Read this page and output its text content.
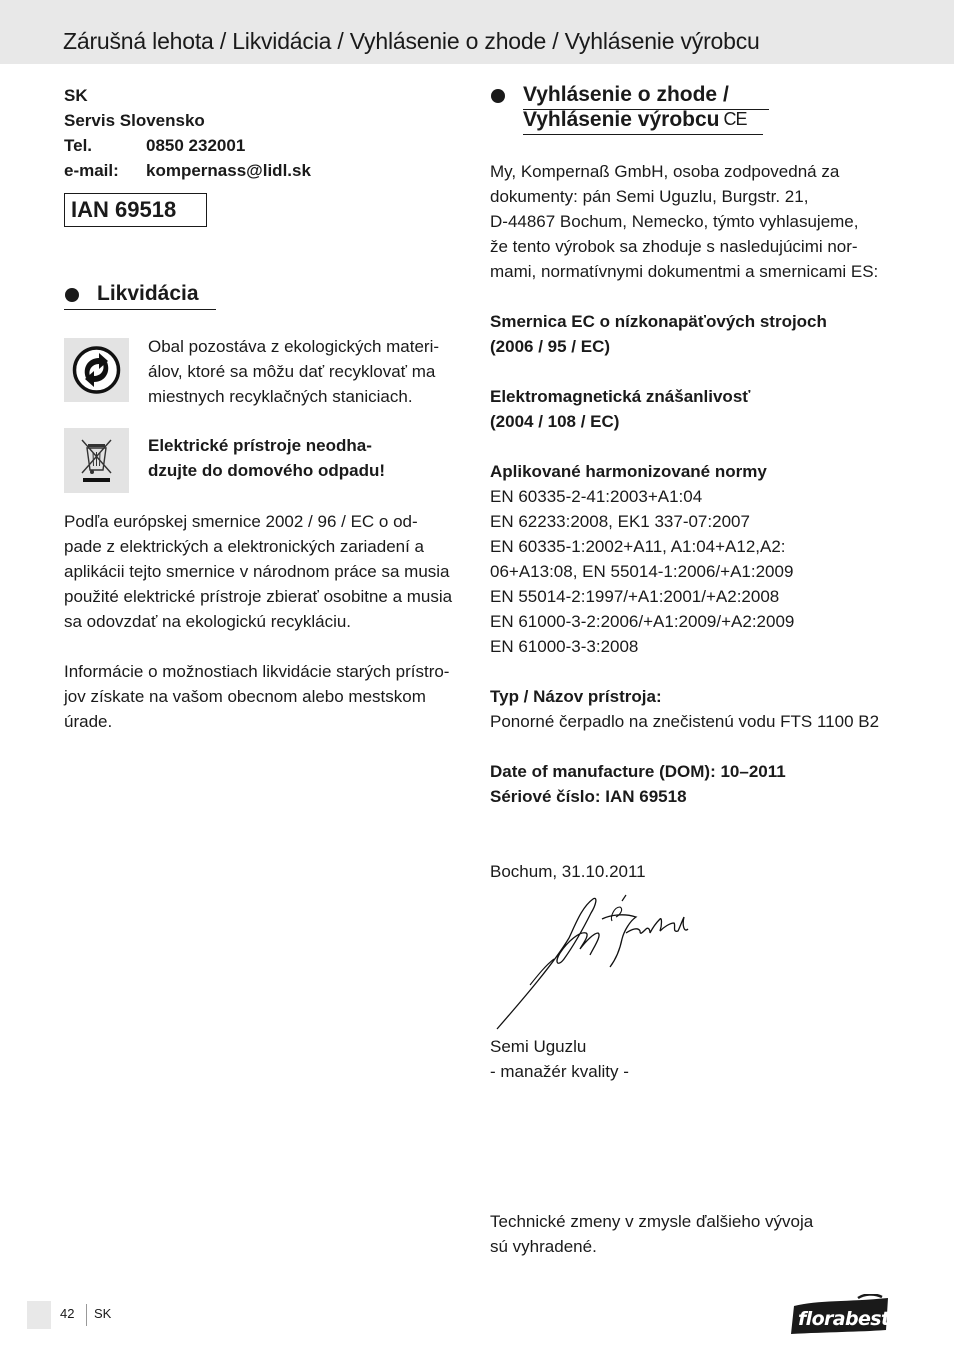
Zárušná lehota / Likvidácia / Vyhlásenie o zhode / Vyhlásenie výrobcu
SK
Servis Slovensko
Tel.	0850 232001
e-mail: kompernass@lidl.sk
IAN 69518
Likvidácia
Obal pozostáva z ekologických materi-
álov, ktoré sa môžu dať recyklovať ma
miestnych recyklačných staniciach.
Elektrické prístroje neodha-
dzujte do domového odpadu!
Podľa európskej smernice 2002 / 96 / EC o od-
pade z elektrických a elektronických zariadení a
aplikácii tejto smernice v národnom práce sa musia
použité elektrické prístroje zbierať osobitne a musia
sa odovzdať na ekologickú recykláciu.
Informácie o možnostiach likvidácie starých prístro-
jov získate na vašom obecnom alebo mestskom
úrade.
Vyhlásenie o zhode /
Vyhlásenie výrobcu CE
My, Kompernaß GmbH, osoba zodpovedná za
dokumenty: pán Semi Uguzlu, Burgstr. 21,
D-44867 Bochum, Nemecko, týmto vyhlasujeme,
že tento výrobok sa zhoduje s nasledujúcimi nor-
mami, normatívnymi dokumentmi a smernicami ES:
Smernica EC o nízkonapäťových strojoch
(2006 / 95 / EC)
Elektromagnetická znášanlivosť
(2004 / 108 / EC)
Aplikované harmonizované normy
EN 60335-2-41:2003+A1:04
EN 62233:2008, EK1 337-07:2007
EN 60335-1:2002+A11, A1:04+A12,A2:
06+A13:08, EN 55014-1:2006/+A1:2009
EN 55014-2:1997/+A1:2001/+A2:2008
EN 61000-3-2:2006/+A1:2009/+A2:2009
EN 61000-3-3:2008
Typ / Názov prístroja:
Ponorné čerpadlo na znečistenú vodu FTS 1100 B2
Date of manufacture (DOM): 10–2011
Sériové číslo: IAN 69518
Bochum, 31.10.2011
Semi Uguzlu
- manažér kvality -
Technické zmeny v zmysle ďalšieho vývoja
sú vyhradené.
42 SK	florabest
